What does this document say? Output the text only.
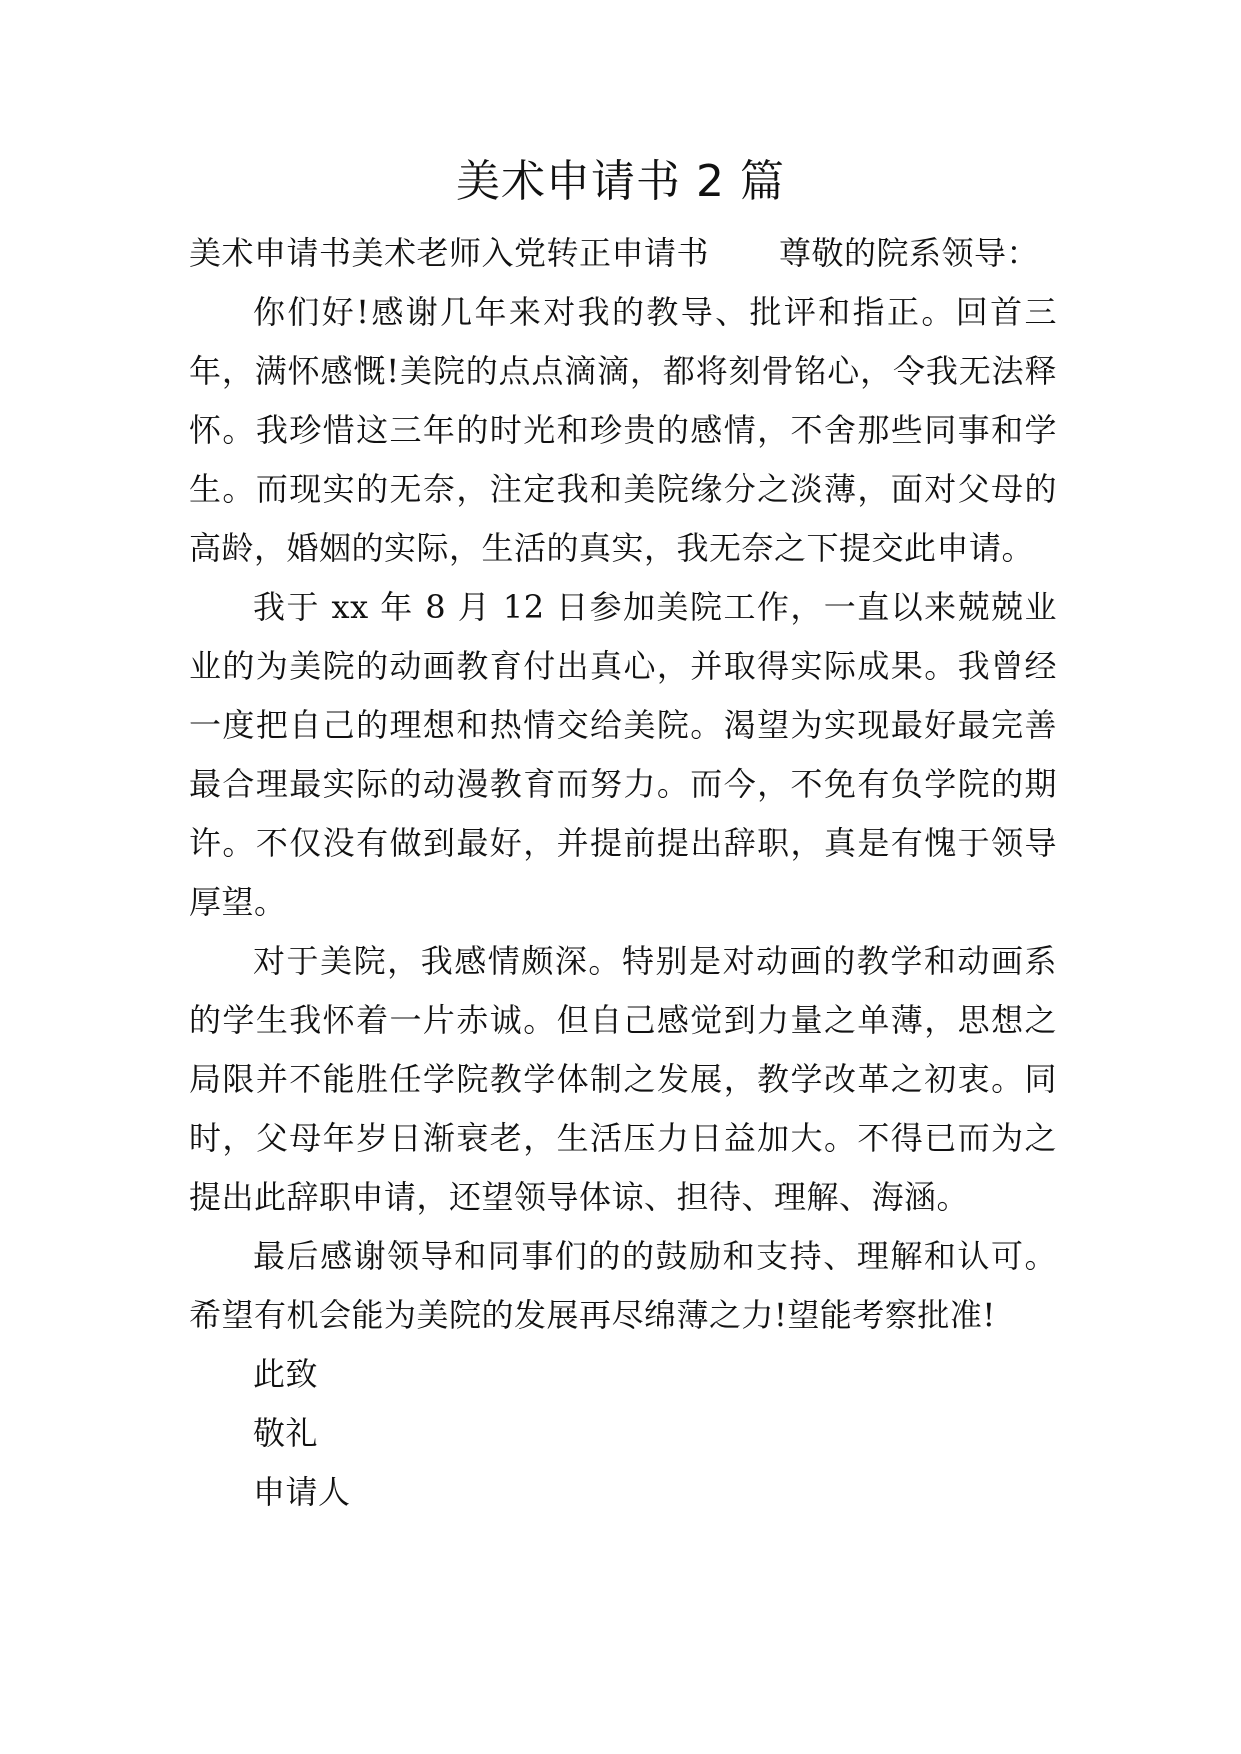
美术申请书 2 篇

美术申请书美术老师入党转正申请书 尊敬的院系领导：

你们好!感谢几年来对我的教导、批评和指正。回首三年，满怀感慨!美院的点点滴滴，都将刻骨铭心，令我无法释怀。我珍惜这三年的时光和珍贵的感情，不舍那些同事和学生。而现实的无奈，注定我和美院缘分之淡薄，面对父母的高龄，婚姻的实际，生活的真实，我无奈之下提交此申请。

我于 xx 年 8 月 12 日参加美院工作，一直以来兢兢业业的为美院的动画教育付出真心，并取得实际成果。我曾经一度把自己的理想和热情交给美院。渴望为实现最好最完善最合理最实际的动漫教育而努力。而今，不免有负学院的期许。不仅没有做到最好，并提前提出辞职，真是有愧于领导厚望。

对于美院，我感情颇深。特别是对动画的教学和动画系的学生我怀着一片赤诚。但自己感觉到力量之单薄，思想之局限并不能胜任学院教学体制之发展，教学改革之初衷。同时，父母年岁日渐衰老，生活压力日益加大。不得已而为之提出此辞职申请，还望领导体谅、担待、理解、海涵。

最后感谢领导和同事们的的鼓励和支持、理解和认可。希望有机会能为美院的发展再尽绵薄之力!望能考察批准!

此致

敬礼

申请人
